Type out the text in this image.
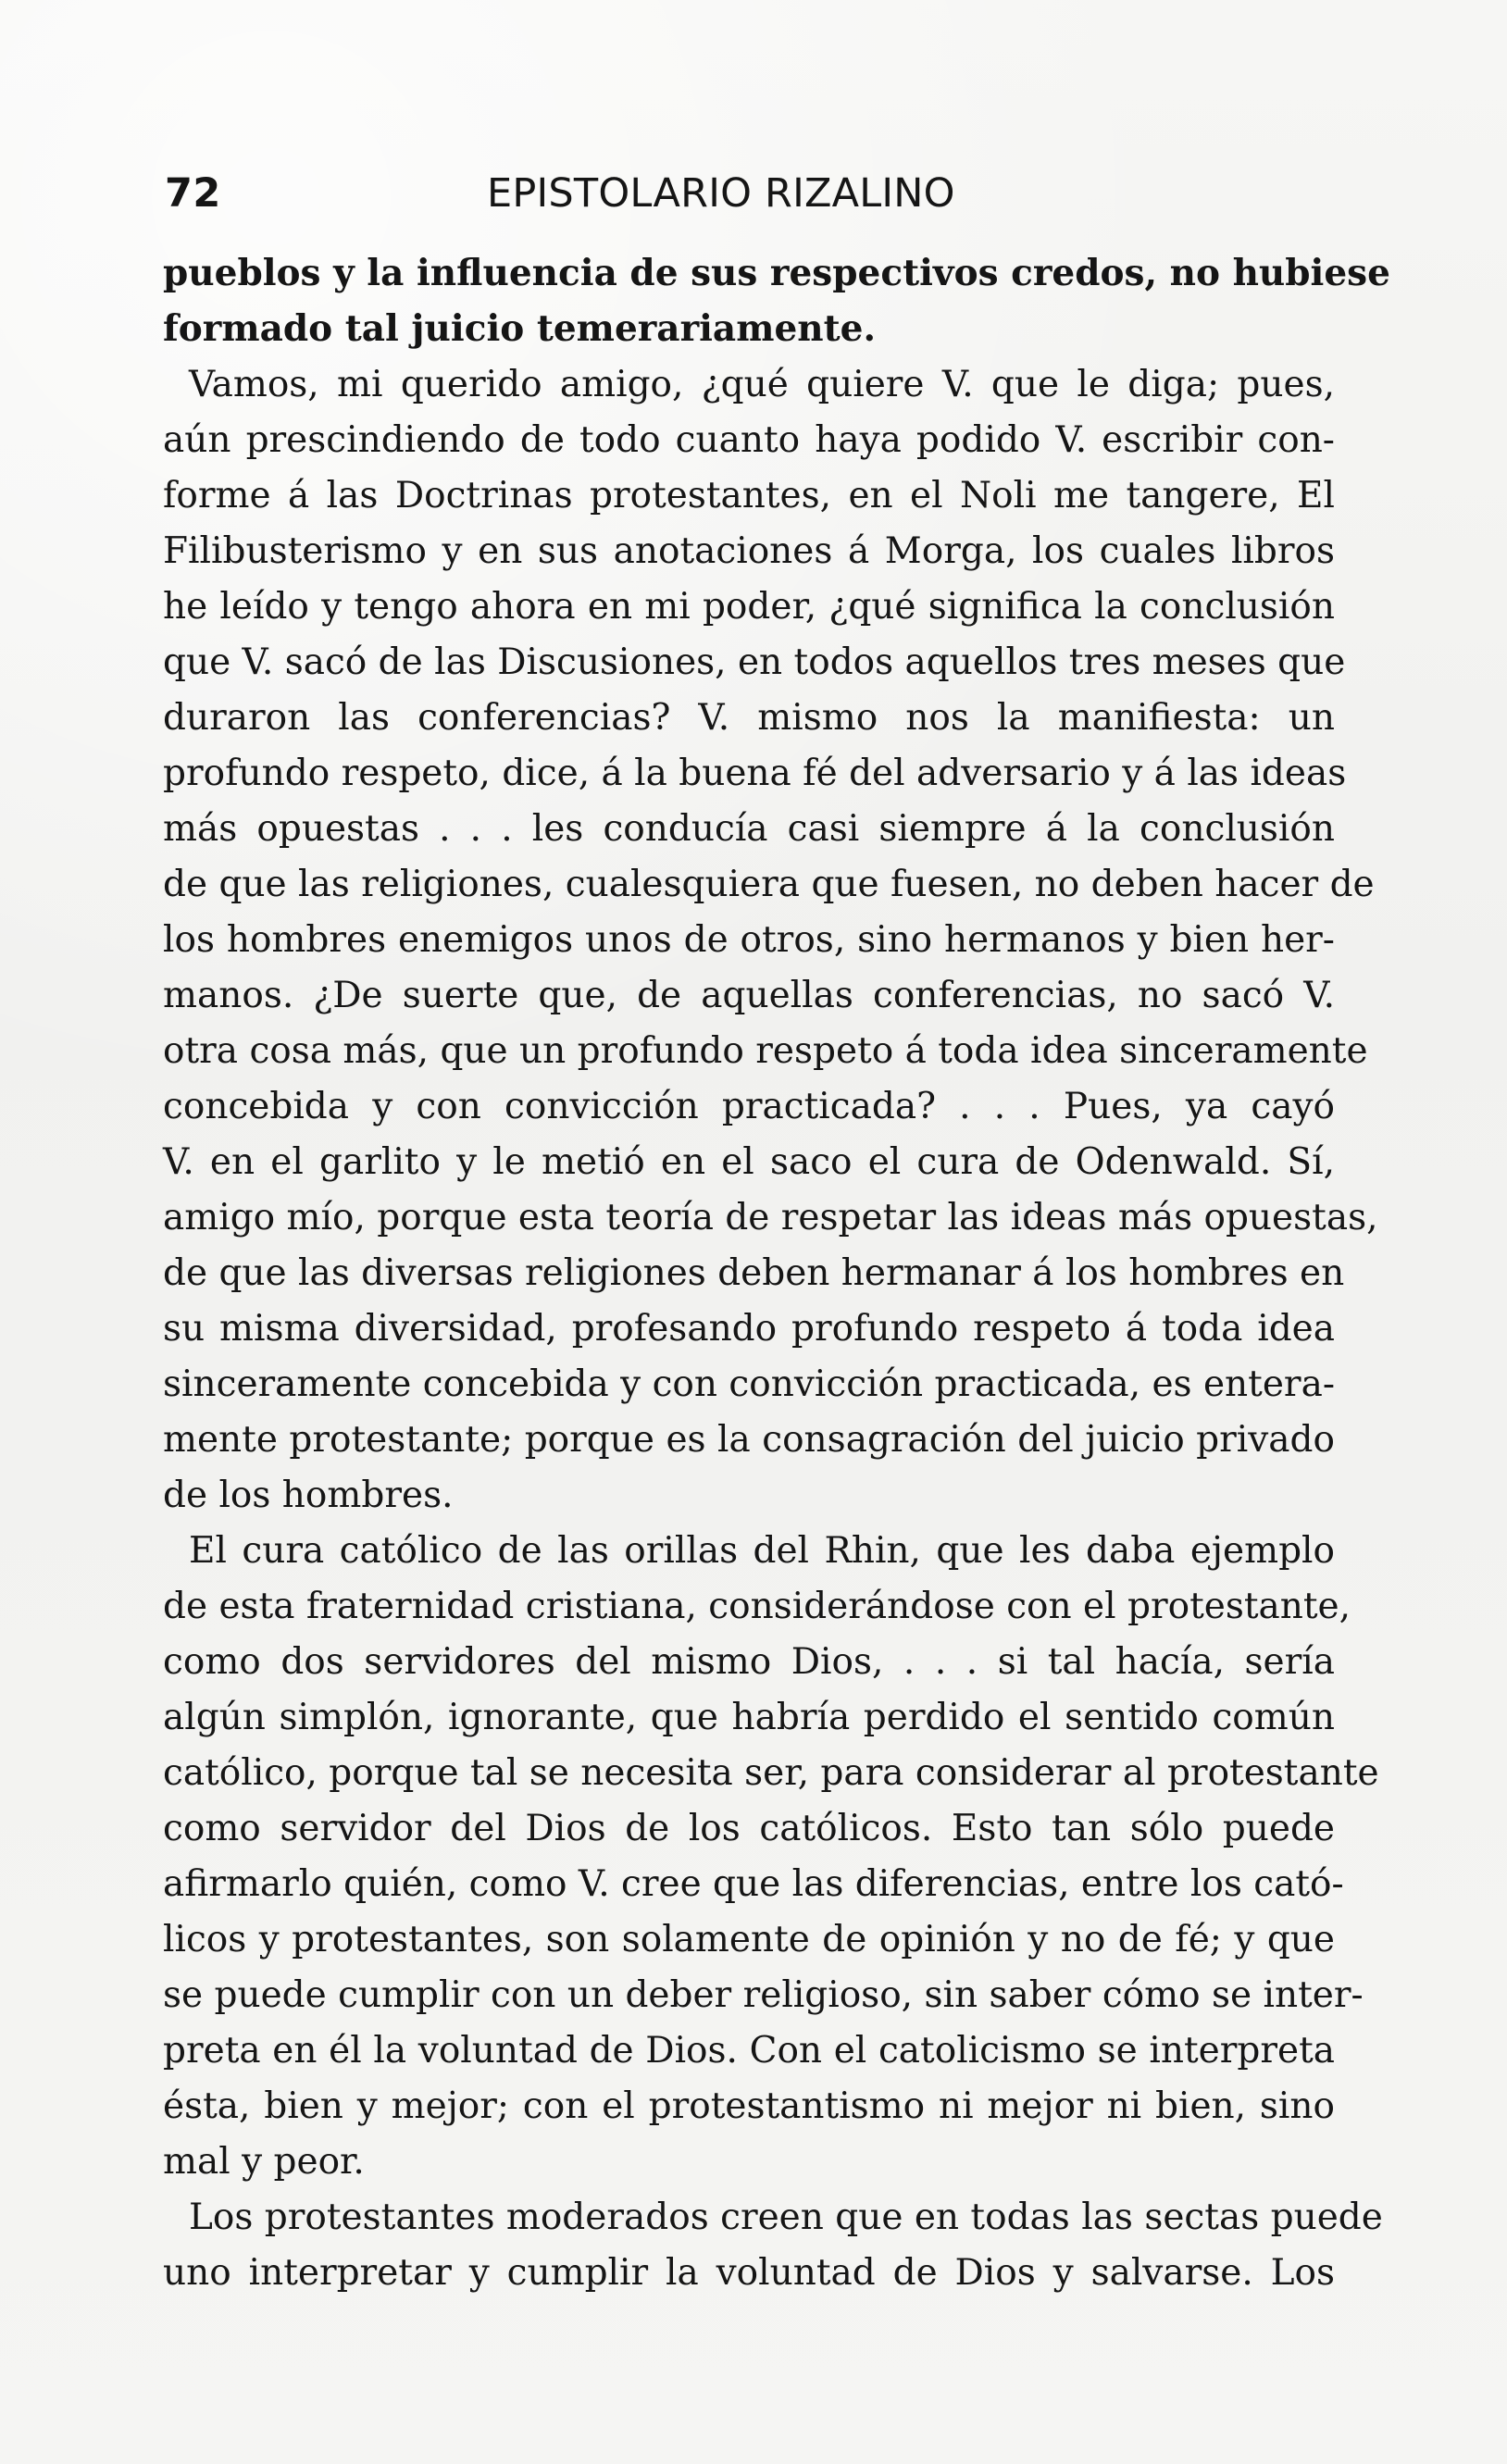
72	EPISTOLARIO RIZALINO
pueblos y la influencia de sus respectivos credos, no hubiese
formado tal juicio temerariamente.
Vamos, mi querido amigo, ¿qué quiere V. que le diga; pues,
aún prescindiendo de todo cuanto haya podido V. escribir con-
forme á las Doctrinas protestantes, en el Noli me tangere, El
Filibusterismo y en sus anotaciones á Morga, los cuales libros
he leído y tengo ahora en mi poder, ¿qué significa la conclusión
que V. sacó de las Discusiones, en todos aquellos tres meses que
duraron las conferencias? V. mismo nos la manifiesta: un
profundo respeto, dice, á la buena fé del adversario y á las ideas
más opuestas . . . les conducía casi siempre á la conclusión
de que las religiones, cualesquiera que fuesen, no deben hacer de
los hombres enemigos unos de otros, sino hermanos y bien her-
manos. ¿De suerte que, de aquellas conferencias, no sacó V.
otra cosa más, que un profundo respeto á toda idea sinceramente
concebida y con convicción practicada? . . . Pues, ya cayó
V. en el garlito y le metió en el saco el cura de Odenwald. Sí,
amigo mío, porque esta teoría de respetar las ideas más opuestas,
de que las diversas religiones deben hermanar á los hombres en
su misma diversidad, profesando profundo respeto á toda idea
sinceramente concebida y con convicción practicada, es entera-
mente protestante; porque es la consagración del juicio privado
de los hombres.
El cura católico de las orillas del Rhin, que les daba ejemplo
de esta fraternidad cristiana, considerándose con el protestante,
como dos servidores del mismo Dios, . . . si tal hacía, sería
algún simplón, ignorante, que habría perdido el sentido común
católico, porque tal se necesita ser, para considerar al protestante
como servidor del Dios de los católicos. Esto tan sólo puede
afirmarlo quién, como V. cree que las diferencias, entre los cató-
licos y protestantes, son solamente de opinión y no de fé; y que
se puede cumplir con un deber religioso, sin saber cómo se inter-
preta en él la voluntad de Dios. Con el catolicismo se interpreta
ésta, bien y mejor; con el protestantismo ni mejor ni bien, sino
mal y peor.
Los protestantes moderados creen que en todas las sectas puede
uno interpretar y cumplir la voluntad de Dios y salvarse. Los
